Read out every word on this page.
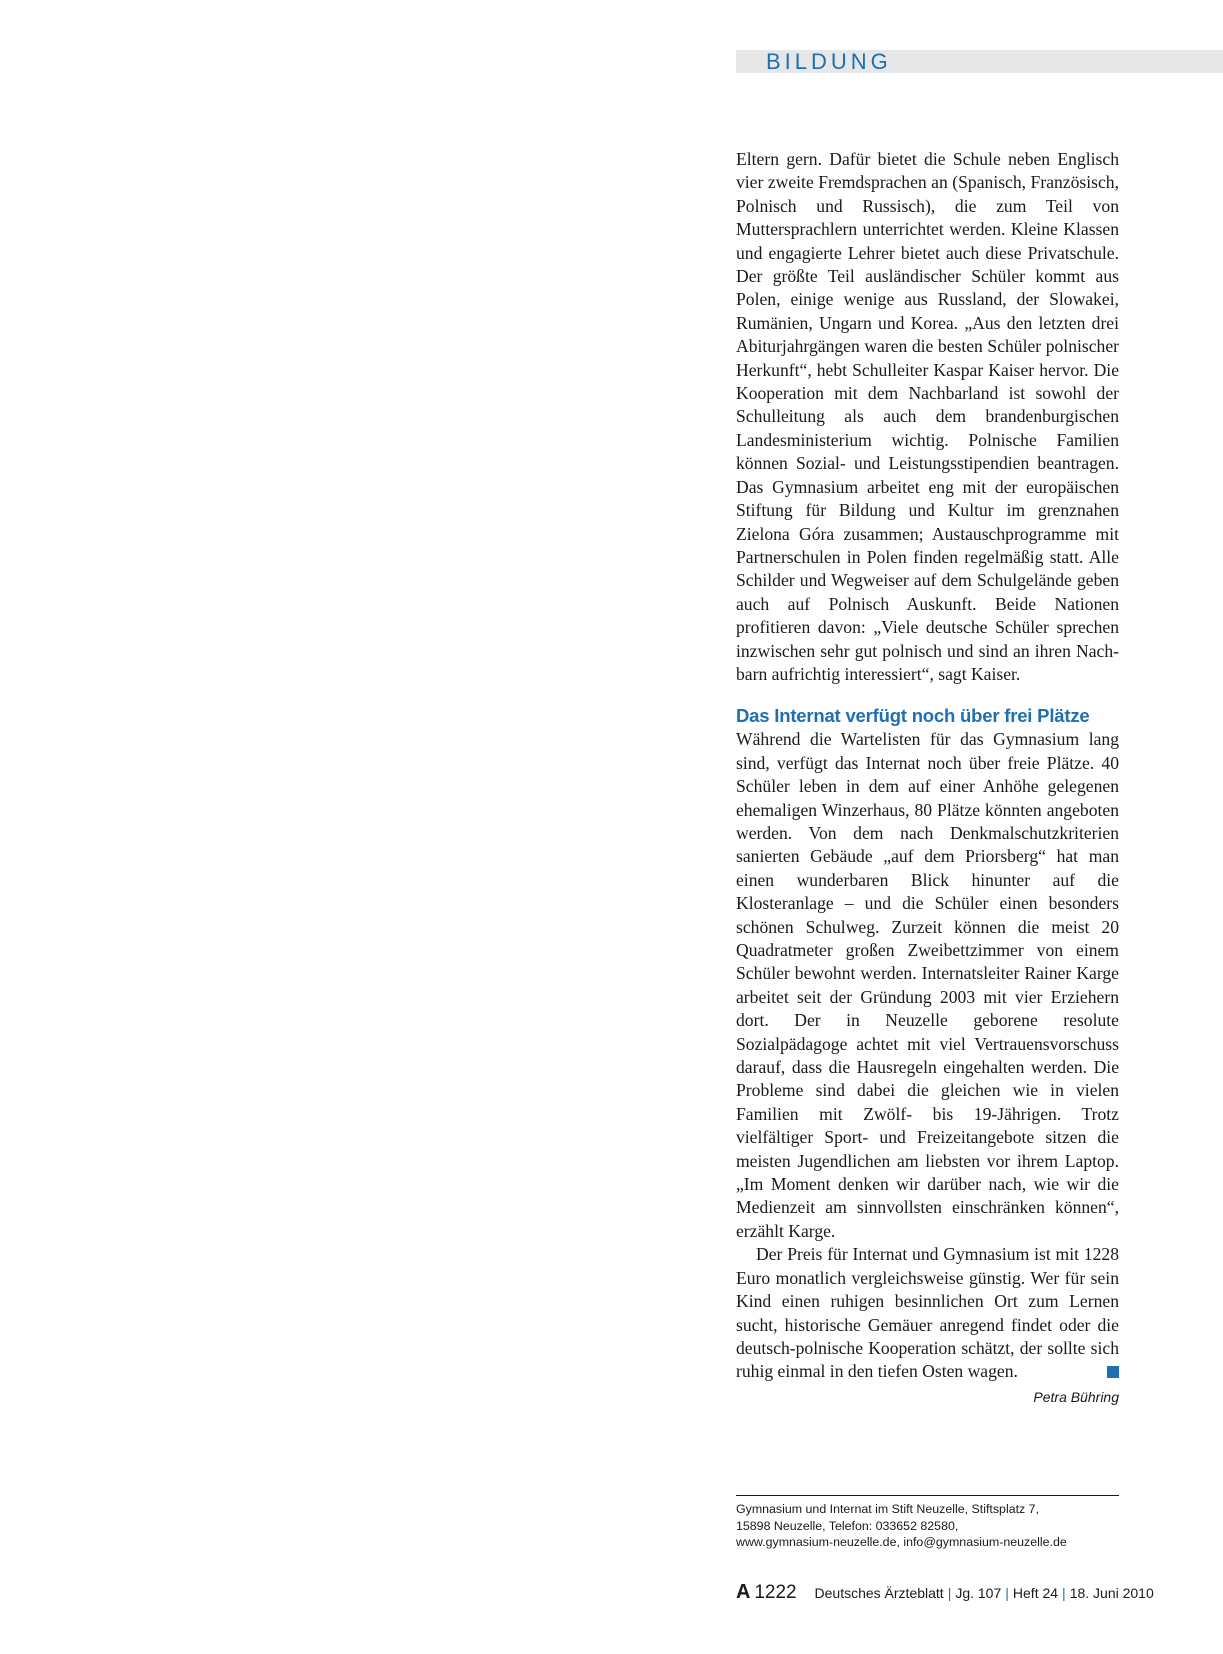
BILDUNG

Eltern gern. Dafür bietet die Schule neben Englisch vier zweite Fremdsprachen an (Spanisch, Französisch, Polnisch und Russisch), die zum Teil von Muttersprachlern unterrichtet werden. Kleine Klassen und engagierte Lehrer bietet auch diese Privatschule. Der größte Teil ausländischer Schüler kommt aus Polen, einige wenige aus Russland, der Slowakei, Rumänien, Ungarn und Korea. „Aus den letzten drei Abiturjahrgängen waren die besten Schüler polnischer Herkunft“, hebt Schulleiter Kaspar Kaiser hervor. Die Kooperation mit dem Nachbarland ist sowohl der Schulleitung als auch dem brandenburgischen Landesministerium wichtig. Polnische Familien können Sozial- und Leistungsstipendien beantragen. Das Gymnasium arbeitet eng mit der europäischen Stiftung für Bildung und Kultur im grenznahen Zielona Góra zusammen; Austauschprogramme mit Partnerschulen in Polen finden regelmäßig statt. Alle Schilder und Wegweiser auf dem Schulgelände geben auch auf Polnisch Auskunft. Beide Nationen profitieren davon: „Viele deutsche Schüler sprechen inzwischen sehr gut polnisch und sind an ihren Nachbarn aufrichtig interessiert“, sagt Kaiser.

Das Internat verfügt noch über frei Plätze

Während die Wartelisten für das Gymnasium lang sind, verfügt das Internat noch über freie Plätze. 40 Schüler leben in dem auf einer Anhöhe gelegenen ehemaligen Winzerhaus, 80 Plätze könnten angeboten werden. Von dem nach Denkmalschutzkriterien sanierten Gebäude „auf dem Priorsberg“ hat man einen wunderbaren Blick hinunter auf die Klosteranlage – und die Schüler einen besonders schönen Schulweg. Zurzeit können die meist 20 Quadratmeter großen Zweibettzimmer von einem Schüler bewohnt werden. Internatsleiter Rainer Karge arbeitet seit der Gründung 2003 mit vier Erziehern dort. Der in Neuzelle geborene resolute Sozialpädagoge achtet mit viel Vertrauensvorschuss darauf, dass die Hausregeln eingehalten werden. Die Probleme sind dabei die gleichen wie in vielen Familien mit Zwölf- bis 19-Jährigen. Trotz vielfältiger Sport- und Freizeitangebote sitzen die meisten Jugendlichen am liebsten vor ihrem Laptop. „Im Moment denken wir darüber nach, wie wir die Medienzeit am sinnvollsten einschränken können“, erzählt Karge.

Der Preis für Internat und Gymnasium ist mit 1228 Euro monatlich vergleichsweise günstig. Wer für sein Kind einen ruhigen besinnlichen Ort zum Lernen sucht, historische Gemäuer anregend findet oder die deutsch-polnische Kooperation schätzt, der sollte sich ruhig einmal in den tiefen Osten wagen.

Petra Bühring
Gymnasium und Internat im Stift Neuzelle, Stiftsplatz 7,
15898 Neuzelle, Telefon: 033652 82580,
www.gymnasium-neuzelle.de, info@gymnasium-neuzelle.de
A 1222 Deutsches Ärzteblatt | Jg. 107 | Heft 24 | 18. Juni 2010
